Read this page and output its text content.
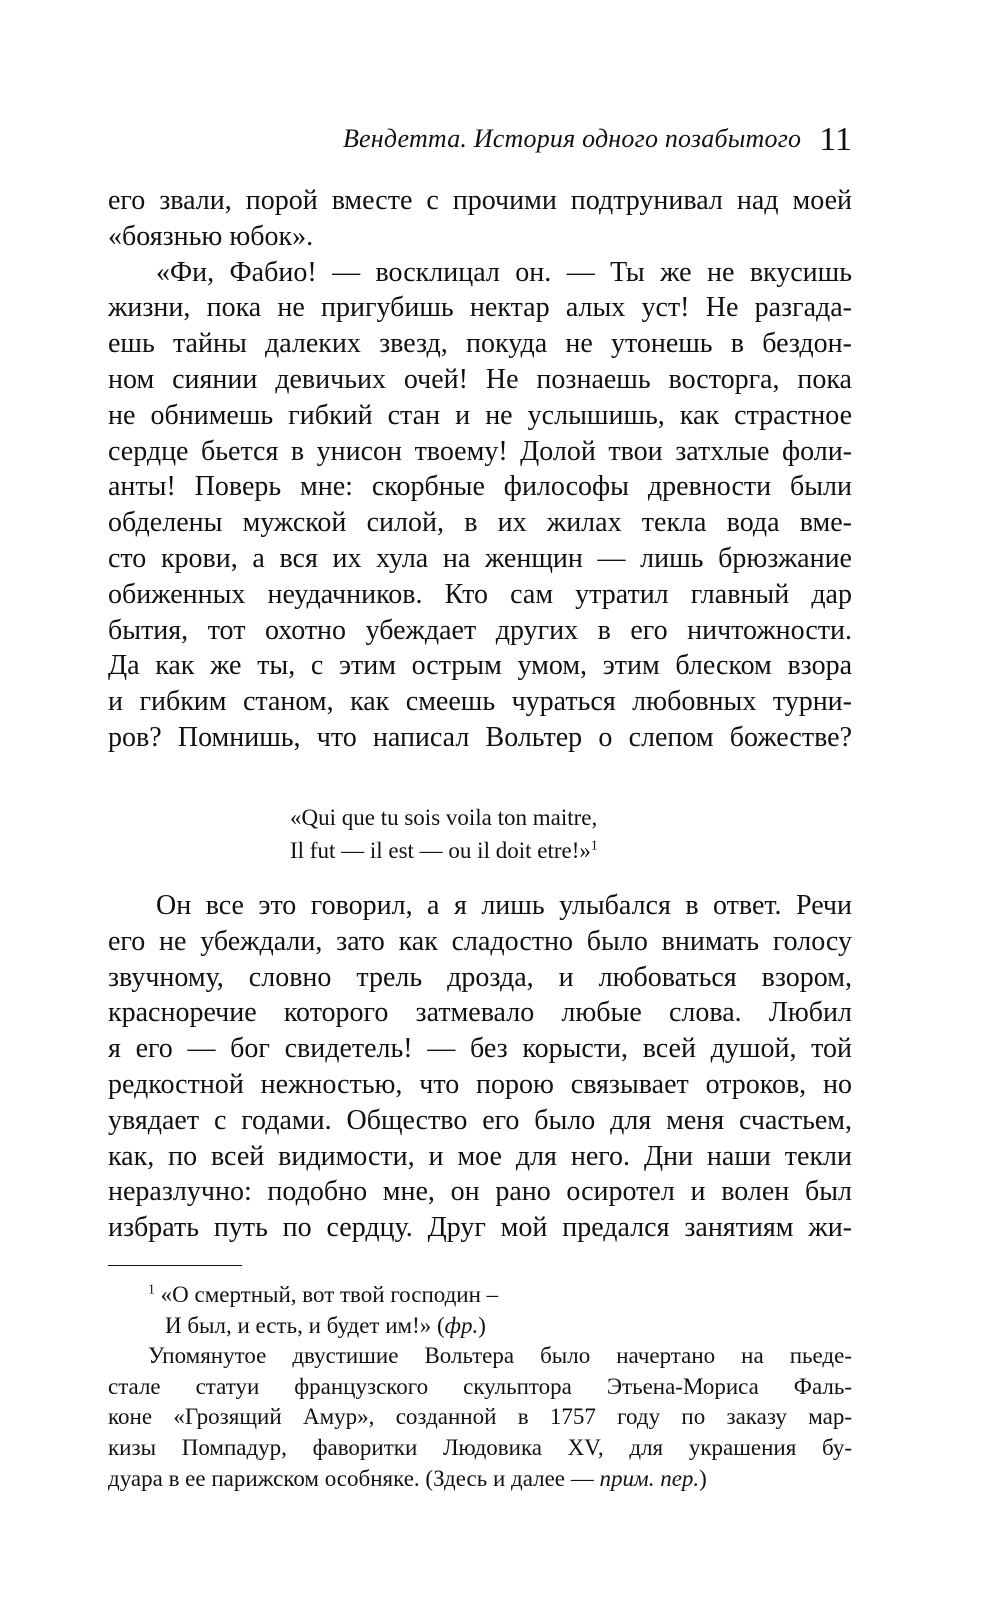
Вендетта. История одного позабытого 11
его звали, порой вместе с прочими подтрунивал над моей
«боязнью юбок».
«Фи, Фабио! — восклицал он. — Ты же не вкусишь
жизни, пока не пригубишь нектар алых уст! Не разгада-
ешь тайны далеких звезд, покуда не утонешь в бездон-
ном сиянии девичьих очей! Не познаешь восторга, пока
не обнимешь гибкий стан и не услышишь, как страстное
сердце бьется в унисон твоему! Долой твои затхлые фоли-
анты! Поверь мне: скорбные философы древности были
обделены мужской силой, в их жилах текла вода вме-
сто крови, а вся их хула на женщин — лишь брюзжание
обиженных неудачников. Кто сам утратил главный дар
бытия, тот охотно убеждает других в его ничтожности.
Да как же ты, с этим острым умом, этим блеском взора
и гибким станом, как смеешь чураться любовных турни-
ров? Помнишь, что написал Вольтер о слепом божестве?
«Qui que tu sois voila ton maitre,
Il fut — il est — ou il doit etre!»$^1$
Он все это говорил, а я лишь улыбался в ответ. Речи
его не убеждали, зато как сладостно было внимать голосу
звучному, словно трель дрозда, и любоваться взором,
красноречие которого затмевало любые слова. Любил
я его — бог свидетель! — без корысти, всей душой, той
редкостной нежностью, что порою связывает отроков, но
увядает с годами. Общество его было для меня счастьем,
как, по всей видимости, и мое для него. Дни наши текли
неразлучно: подобно мне, он рано осиротел и волен был
избрать путь по сердцу. Друг мой предался занятиям жи-
$^1$ «О смертный, вот твой господин –
И был, и есть, и будет им!» (фр.)
Упомянутое двустишие Вольтера было начертано на пьеде-
стале статуи французского скульптора Этьена-Мориса Фаль-
коне «Грозящий Амур», созданной в 1757 году по заказу мар-
кизы Помпадур, фаворитки Людовика XV, для украшения бу-
дуара в ее парижском особняке. (Здесь и далее — прим. пер.)
